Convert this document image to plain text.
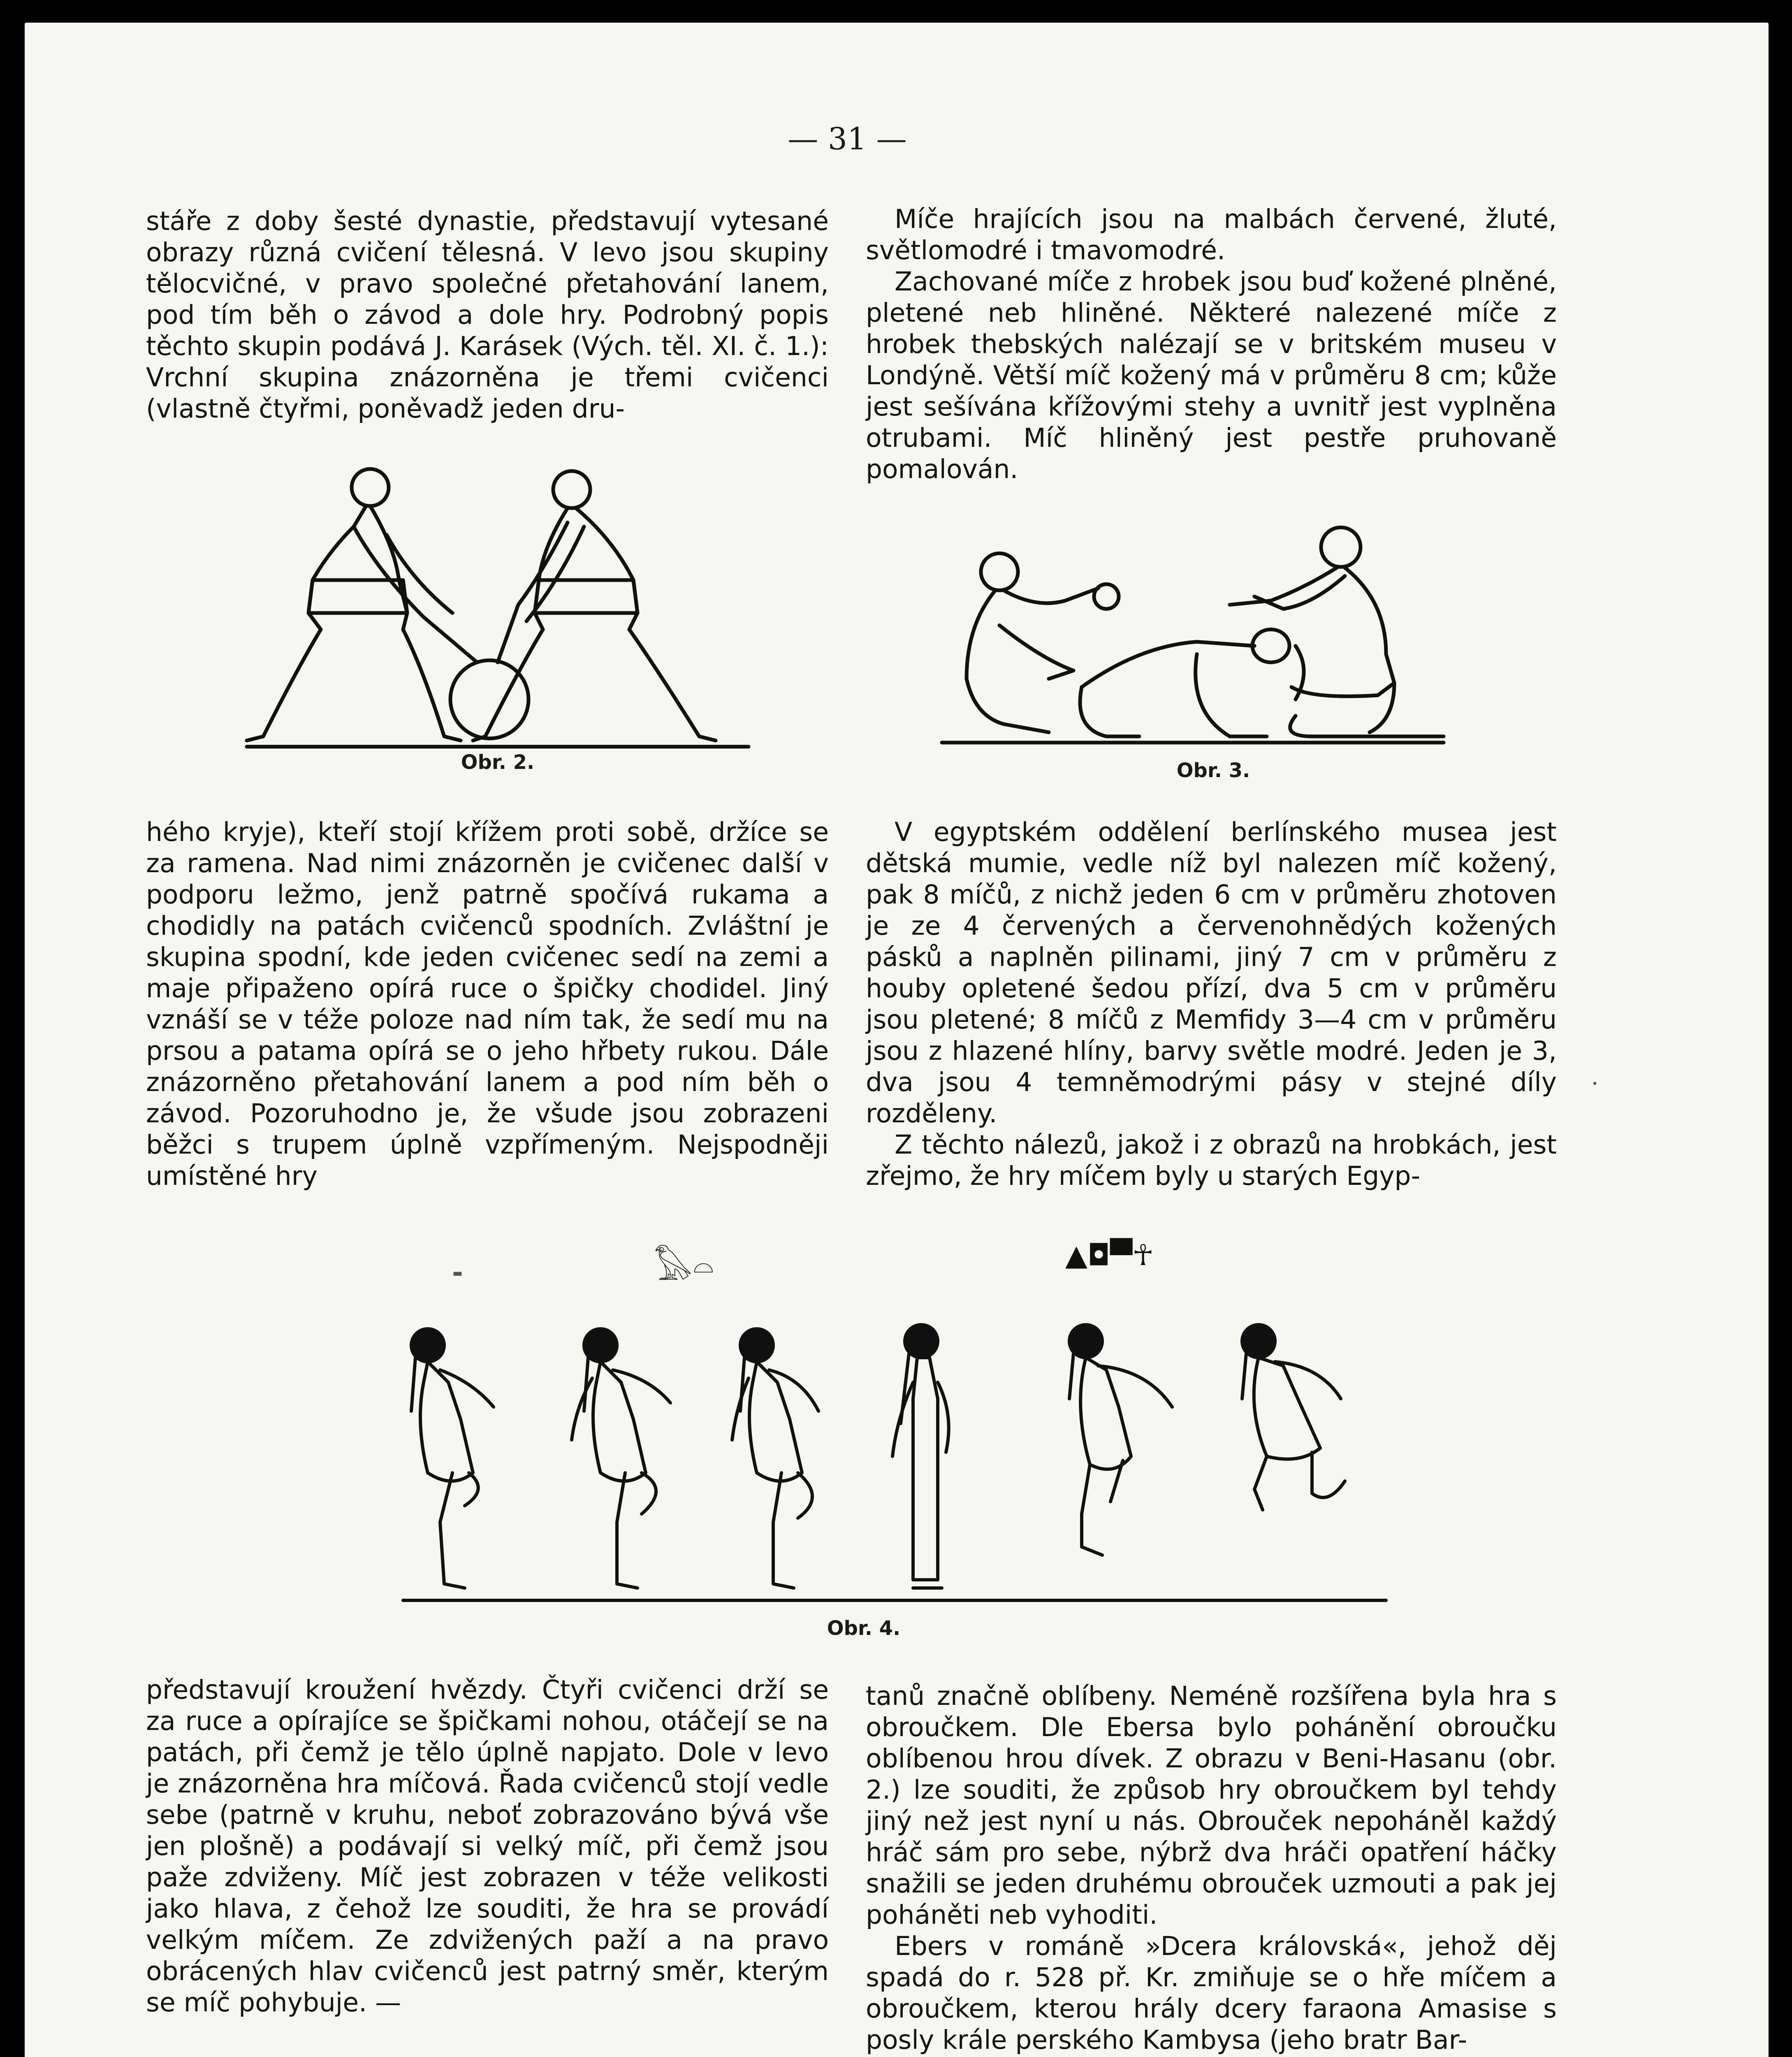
▬
•
— 31 —

stáře z doby šesté dynastie, představují vytesané obrazy různá cvičení tělesná. V levo jsou skupiny tělocvičné, v pravo společné přetahování lanem, pod tím běh o závod a dole hry. Podrobný popis těchto skupin podává J. Karásek (Vých. těl. XI. č. 1.): Vrchní skupina znázorněna je třemi cvičenci (vlastně čtyřmi, poněvadž jeden dru-

Míče hrajících jsou na malbách červené, žluté, světlomodré i tmavomodré.

Zachované míče z hrobek jsou buď kožené plněné, pletené neb hliněné. Některé nalezené míče z hrobek thebských nalézají se v britském museu v Londýně. Větší míč kožený má v průměru 8 cm; kůže jest sešívána křížovými stehy a uvnitř jest vyplněna otrubami. Míč hliněný jest pestře pruhovaně pomalován.

Obr. 2.	Obr. 3.

hého kryje), kteří stojí křížem proti sobě, držíce se za ramena. Nad nimi znázorněn je cvičenec další v podporu ležmo, jenž patrně spočívá rukama a chodidly na patách cvičenců spodních. Zvláštní je skupina spodní, kde jeden cvičenec sedí na zemi a maje připaženo opírá ruce o špičky chodidel. Jiný vznáší se v téže poloze nad ním tak, že sedí mu na prsou a patama opírá se o jeho hřbety rukou. Dále znázorněno přetahování lanem a pod ním běh o závod. Pozoruhodno je, že všude jsou zobrazeni běžci s trupem úplně vzpřímeným. Nejspodněji umístěné hry

V egyptském oddělení berlínského musea jest dětská mumie, vedle níž byl nalezen míč kožený, pak 8 míčů, z nichž jeden 6 cm v průměru zhotoven je ze 4 červených a červenohnědých kožených pásků a naplněn pilinami, jiný 7 cm v průměru z houby opletené šedou přízí, dva 5 cm v průměru jsou pletené; 8 míčů z Memfidy 3—4 cm v průměru jsou z hlazené hlíny, barvy světle modré. Jeden je 3, dva jsou 4 temněmodrými pásy v stejné díly rozděleny.

Z těchto nálezů, jakož i z obrazů na hrobkách, jest zřejmo, že hry míčem byly u starých Egyp-

𓅃𓏏	▲◘▀☥
Obr. 4.

představují kroužení hvězdy. Čtyři cvičenci drží se za ruce a opírajíce se špičkami nohou, otáčejí se na patách, při čemž je tělo úplně napjato. Dole v levo je znázorněna hra míčová. Řada cvičenců stojí vedle sebe (patrně v kruhu, neboť zobrazováno bývá vše jen plošně) a podávají si velký míč, při čemž jsou paže zdviženy. Míč jest zobrazen v téže velikosti jako hlava, z čehož lze souditi, že hra se provádí velkým míčem. Ze zdvižených paží a na pravo obrácených hlav cvičenců jest patrný směr, kterým se míč pohybuje. —

tanů značně oblíbeny. Neméně rozšířena byla hra s obroučkem. Dle Ebersa bylo pohánění obroučku oblíbenou hrou dívek. Z obrazu v Beni-Hasanu (obr. 2.) lze souditi, že způsob hry obroučkem byl tehdy jiný než jest nyní u nás. Obrouček nepoháněl každý hráč sám pro sebe, nýbrž dva hráči opatření háčky snažili se jeden druhému obrouček uzmouti a pak jej poháněti neb vyhoditi.

Ebers v románě »Dcera královská«, jehož děj spadá do r. 528 př. Kr. zmiňuje se o hře míčem a obroučkem, kterou hrály dcery faraona Amasise s posly krále perského Kambysa (jeho bratr Bar-
